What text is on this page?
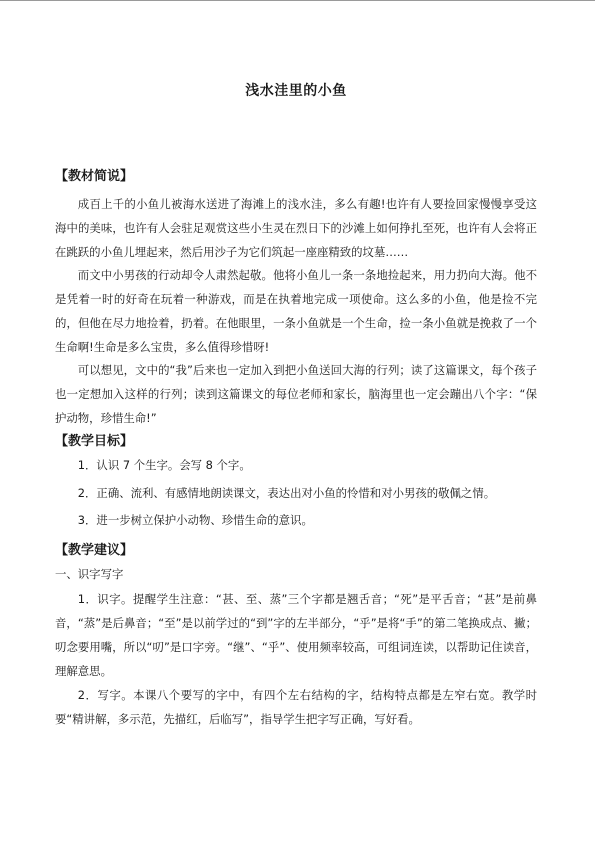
浅水洼里的小鱼
【教材简说】

成百上千的小鱼儿被海水送进了海滩上的浅水洼，多么有趣!也许有人要捡回家慢慢享受这海中的美味，也许有人会驻足观赏这些小生灵在烈日下的沙滩上如何挣扎至死，也许有人会将正在跳跃的小鱼儿埋起来，然后用沙子为它们筑起一座座精致的坟墓……

而文中小男孩的行动却令人肃然起敬。他将小鱼儿一条一条地捡起来，用力扔向大海。他不是凭着一时的好奇在玩着一种游戏，而是在执着地完成一项使命。这么多的小鱼，他是捡不完的，但他在尽力地捡着，扔着。在他眼里，一条小鱼就是一个生命，捡一条小鱼就是挽救了一个生命啊!生命是多么宝贵，多么值得珍惜呀!

可以想见，文中的“我”后来也一定加入到把小鱼送回大海的行列；读了这篇课文，每个孩子也一定想加入这样的行列；读到这篇课文的每位老师和家长，脑海里也一定会蹦出八个字：“保护动物，珍惜生命!”

【教学目标】

1．认识 7 个生字。会写 8 个字。

2．正确、流利、有感情地朗读课文，表达出对小鱼的怜惜和对小男孩的敬佩之情。

3．进一步树立保护小动物、珍惜生命的意识。

【教学建议】

一、识字写字

1．识字。提醒学生注意：“甚、至、蒸”三个字都是翘舌音；“死”是平舌音；“甚”是前鼻音，“蒸”是后鼻音；“至”是以前学过的“到”字的左半部分，“乎”是将“手”的第二笔换成点、撇；叨念要用嘴，所以“叨”是口字旁。“继”、“乎”、使用频率较高，可组词连读，以帮助记住读音，理解意思。

2．写字。本课八个要写的字中，有四个左右结构的字，结构特点都是左窄右宽。教学时要“精讲解，多示范，先描红，后临写”，指导学生把字写正确，写好看。
